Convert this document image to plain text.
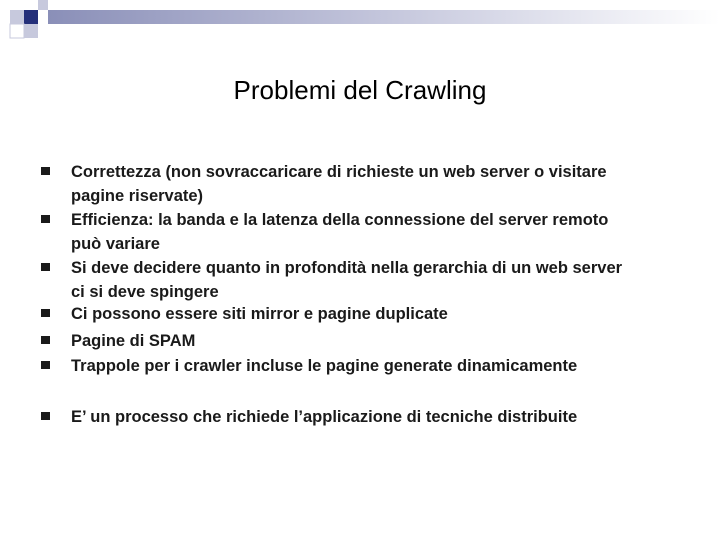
Problemi del Crawling
Correttezza (non sovraccaricare di richieste un web server o visitare
pagine riservate)
Efficienza: la banda e la latenza della connessione del server remoto
può variare
Si deve decidere quanto in profondità nella gerarchia di un web server
ci si deve spingere
Ci possono essere siti mirror e pagine duplicate
Pagine di SPAM
Trappole per i crawler incluse le pagine generate dinamicamente
E’ un processo che richiede l’applicazione di tecniche distribuite
